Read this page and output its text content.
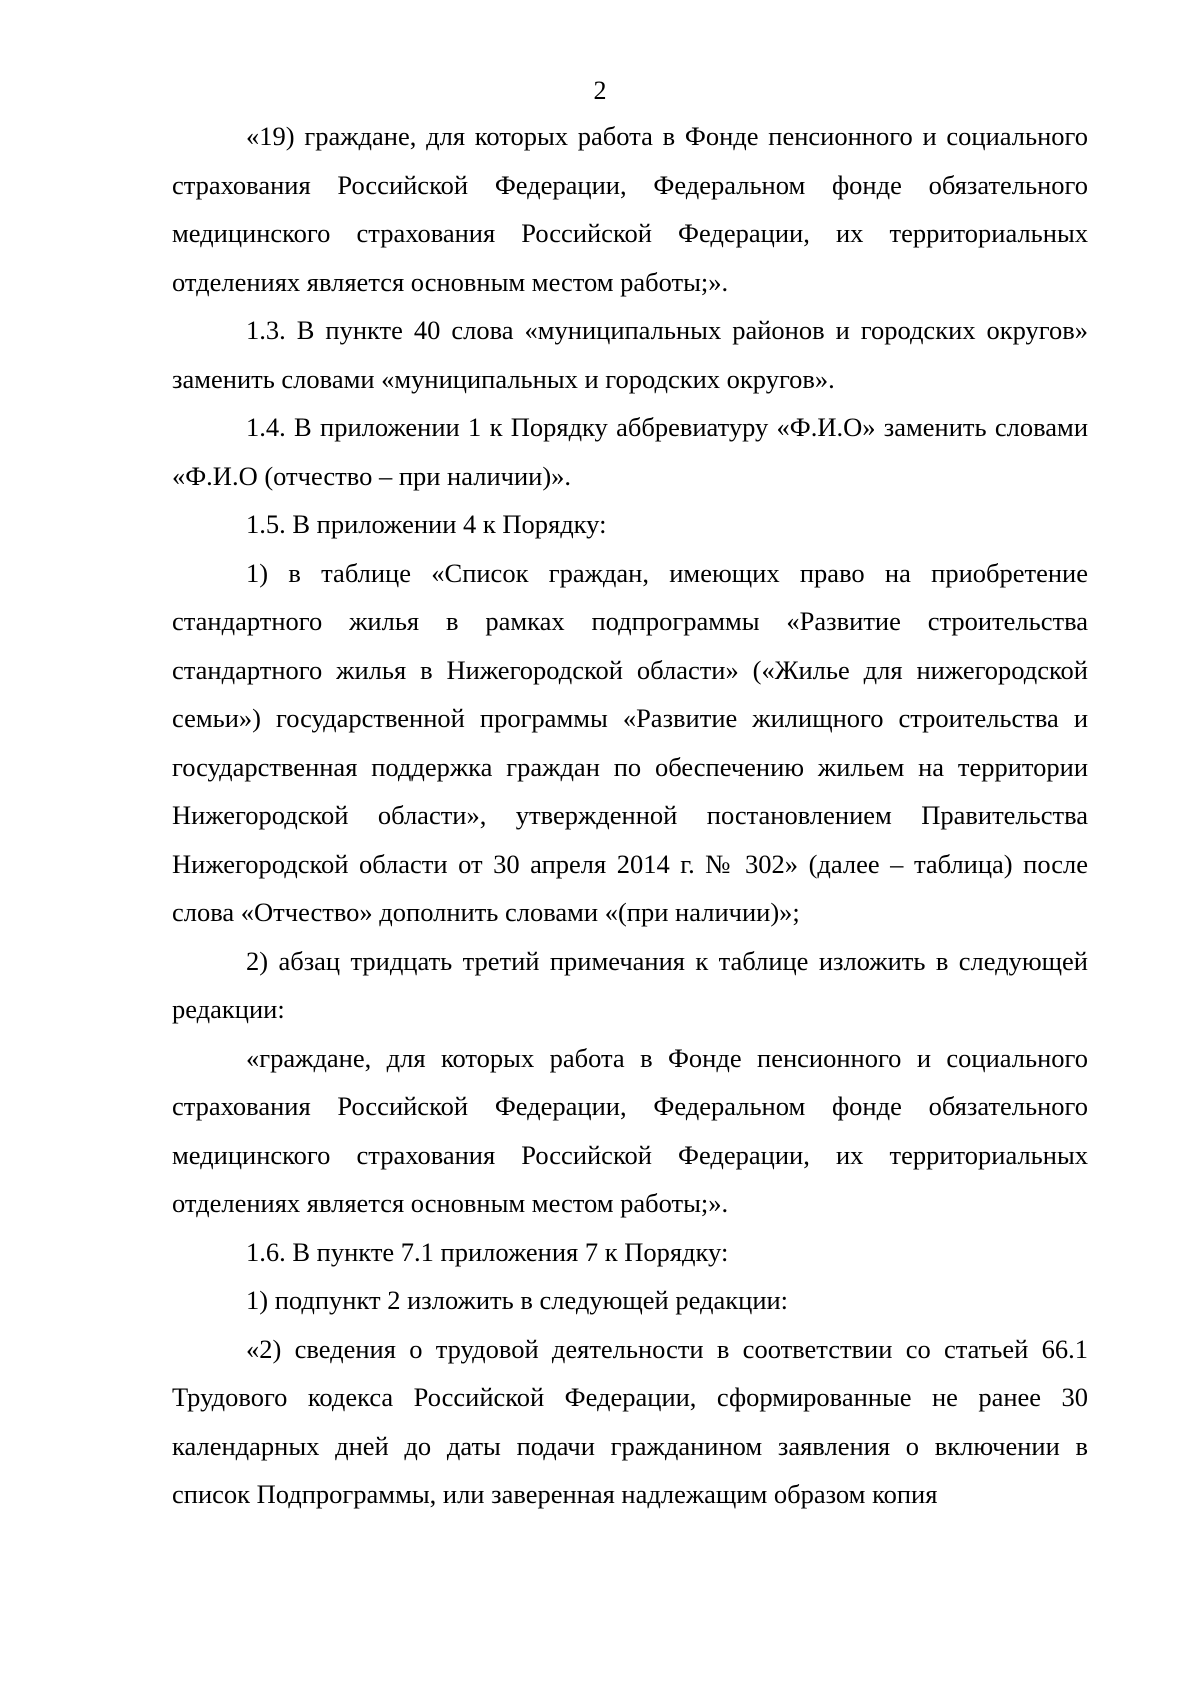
2

«19) граждане, для которых работа в Фонде пенсионного и социального страхования Российской Федерации, Федеральном фонде обязательного медицинского страхования Российской Федерации, их территориальных отделениях является основным местом работы;».

1.3. В пункте 40 слова «муниципальных районов и городских округов» заменить словами «муниципальных и городских округов».

1.4. В приложении 1 к Порядку аббревиатуру «Ф.И.О» заменить словами «Ф.И.О (отчество – при наличии)».

1.5. В приложении 4 к Порядку:

1) в таблице «Список граждан, имеющих право на приобретение стандартного жилья в рамках подпрограммы «Развитие строительства стандартного жилья в Нижегородской области» («Жилье для нижегородской семьи») государственной программы «Развитие жилищного строительства и государственная поддержка граждан по обеспечению жильем на территории Нижегородской области», утвержденной постановлением Правительства Нижегородской области от 30 апреля 2014 г. № 302» (далее – таблица) после слова «Отчество» дополнить словами «(при наличии)»;

2) абзац тридцать третий примечания к таблице изложить в следующей редакции:

«граждане, для которых работа в Фонде пенсионного и социального страхования Российской Федерации, Федеральном фонде обязательного медицинского страхования Российской Федерации, их территориальных отделениях является основным местом работы;».

1.6. В пункте 7.1 приложения 7 к Порядку:

1) подпункт 2 изложить в следующей редакции:

«2) сведения о трудовой деятельности в соответствии со статьей 66.1 Трудового кодекса Российской Федерации, сформированные не ранее 30 календарных дней до даты подачи гражданином заявления о включении в список Подпрограммы, или заверенная надлежащим образом копия
